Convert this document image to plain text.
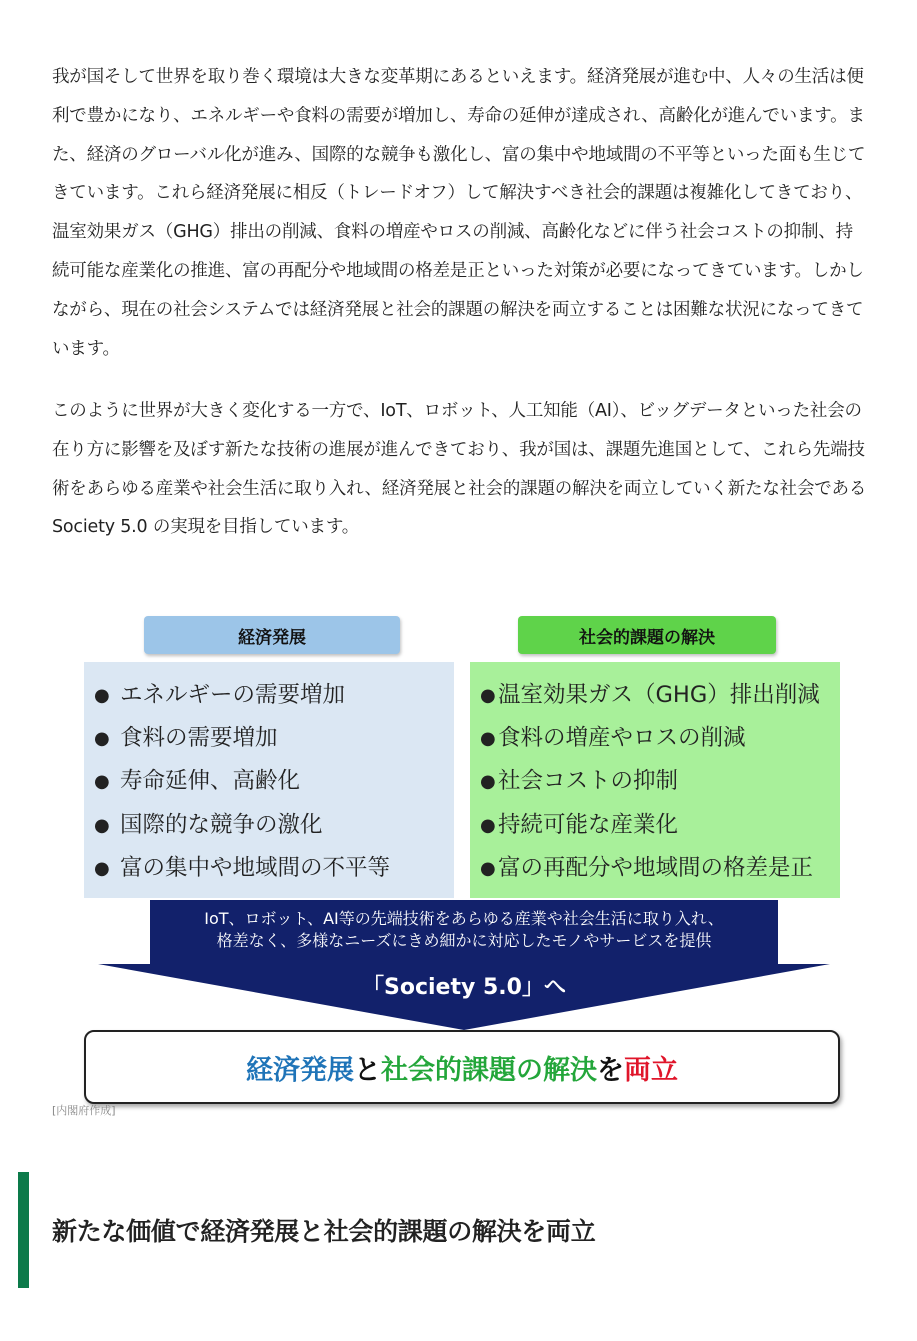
我が国そして世界を取り巻く環境は大きな変革期にあるといえます。経済発展が進む中、人々の生活は便利で豊かになり、エネルギーや食料の需要が増加し、寿命の延伸が達成され、高齢化が進んでいます。また、経済のグローバル化が進み、国際的な競争も激化し、富の集中や地域間の不平等といった面も生じてきています。これら経済発展に相反（トレードオフ）して解決すべき社会的課題は複雑化してきており、温室効果ガス（GHG）排出の削減、食料の増産やロスの削減、高齢化などに伴う社会コストの抑制、持続可能な産業化の推進、富の再配分や地域間の格差是正といった対策が必要になってきています。しかしながら、現在の社会システムでは経済発展と社会的課題の解決を両立することは困難な状況になってきています。

このように世界が大きく変化する一方で、IoT、ロボット、人工知能（AI）、ビッグデータといった社会の在り方に影響を及ぼす新たな技術の進展が進んできており、我が国は、課題先進国として、これら先端技術をあらゆる産業や社会生活に取り入れ、経済発展と社会的課題の解決を両立していく新たな社会である Society 5.0 の実現を目指しています。

経済発展	社会的課題の解決
● エネルギーの需要増加
● 食料の需要増加
● 寿命延伸、高齢化
● 国際的な競争の激化
● 富の集中や地域間の不平等
● 温室効果ガス（GHG）排出削減
● 食料の増産やロスの削減
● 社会コストの抑制
● 持続可能な産業化
● 富の再配分や地域間の格差是正
IoT、ロボット、AI等の先端技術をあらゆる産業や社会生活に取り入れ、
格差なく、多様なニーズにきめ細かに対応したモノやサービスを提供
「Society 5.0」へ
経済発展 と 社会的課題の解決 を 両立
[内閣府作成]
新たな価値で経済発展と社会的課題の解決を両立
